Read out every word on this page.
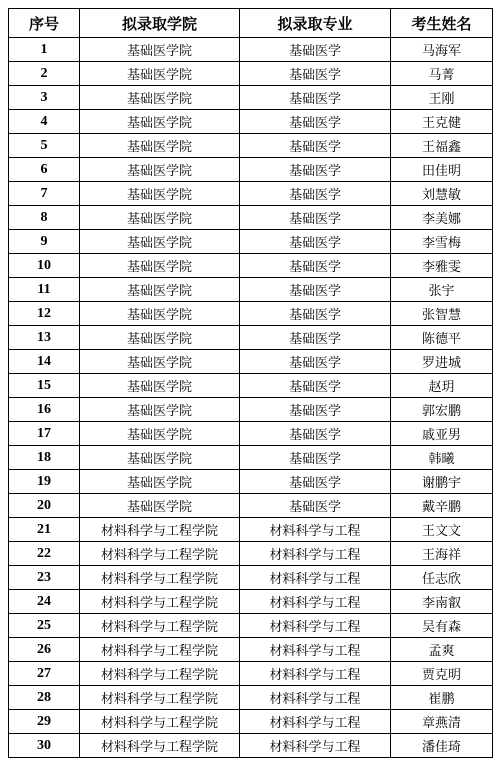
序号	拟录取学院	拟录取专业	考生姓名
1	基础医学院	基础医学	马海军
2	基础医学院	基础医学	马菁
3	基础医学院	基础医学	王刚
4	基础医学院	基础医学	王克健
5	基础医学院	基础医学	王福鑫
6	基础医学院	基础医学	田佳明
7	基础医学院	基础医学	刘慧敏
8	基础医学院	基础医学	李美娜
9	基础医学院	基础医学	李雪梅
10	基础医学院	基础医学	李雅雯
11	基础医学院	基础医学	张宇
12	基础医学院	基础医学	张智慧
13	基础医学院	基础医学	陈德平
14	基础医学院	基础医学	罗进城
15	基础医学院	基础医学	赵玥
16	基础医学院	基础医学	郭宏鹏
17	基础医学院	基础医学	戚亚男
18	基础医学院	基础医学	韩曦
19	基础医学院	基础医学	谢鹏宇
20	基础医学院	基础医学	戴辛鹏
21	材料科学与工程学院	材料科学与工程	王文文
22	材料科学与工程学院	材料科学与工程	王海祥
23	材料科学与工程学院	材料科学与工程	任志欣
24	材料科学与工程学院	材料科学与工程	李南叡
25	材料科学与工程学院	材料科学与工程	吴有森
26	材料科学与工程学院	材料科学与工程	孟爽
27	材料科学与工程学院	材料科学与工程	贾克明
28	材料科学与工程学院	材料科学与工程	崔鹏
29	材料科学与工程学院	材料科学与工程	章燕清
30	材料科学与工程学院	材料科学与工程	潘佳琦
